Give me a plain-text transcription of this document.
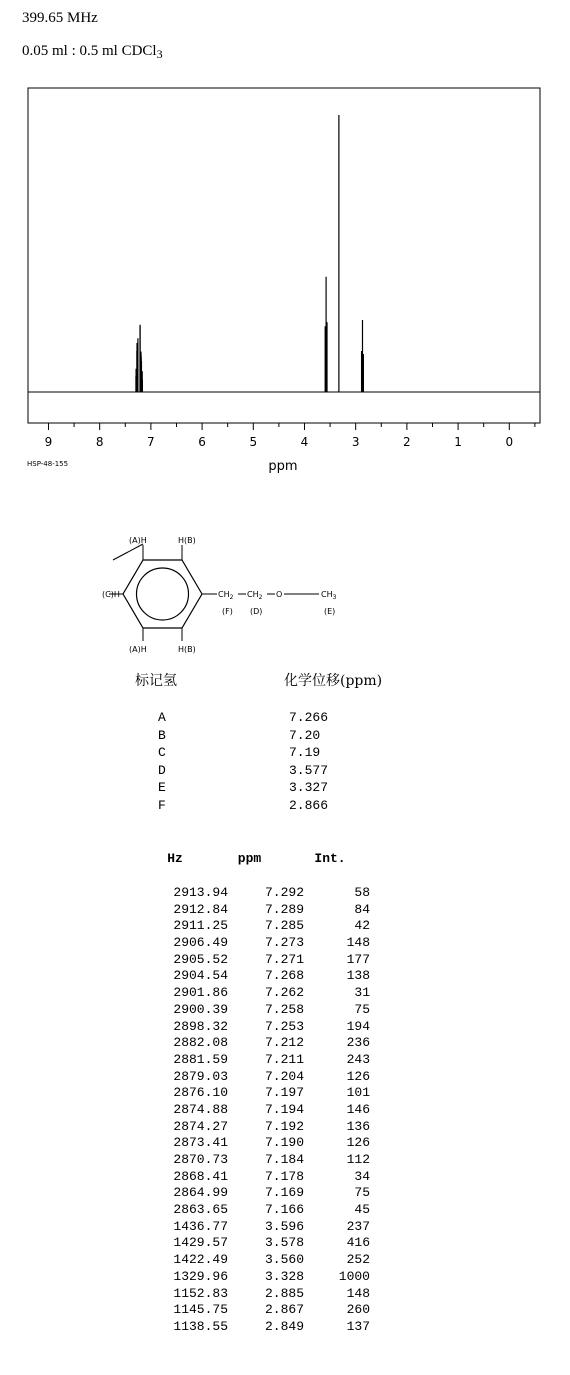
399.65 MHz
0.05 ml : 0.5 ml CDCl$_3$
9	8	7	6	5	4	3	2	1	0
ppm
HSP-48-155
(A)H	H(B)
(C)H
(A)H	H(B)
$CH_2$ $CH_2$ O	$CH_3$
(F) (D)	(E)
标记氢	化学位移(ppm)
A	7.266
B	7.20
C	7.19
D	3.577
E	3.327
F	2.866
Hz	ppm	Int.
2913.94	7.292	58
2912.84	7.289	84
2911.25	7.285	42
2906.49	7.273	148
2905.52	7.271	177
2904.54	7.268	138
2901.86	7.262	31
2900.39	7.258	75
2898.32	7.253	194
2882.08	7.212	236
2881.59	7.211	243
2879.03	7.204	126
2876.10	7.197	101
2874.88	7.194	146
2874.27	7.192	136
2873.41	7.190	126
2870.73	7.184	112
2868.41	7.178	34
2864.99	7.169	75
2863.65	7.166	45
1436.77	3.596	237
1429.57	3.578	416
1422.49	3.560	252
1329.96	3.328	1000
1152.83	2.885	148
1145.75	2.867	260
1138.55	2.849	137
